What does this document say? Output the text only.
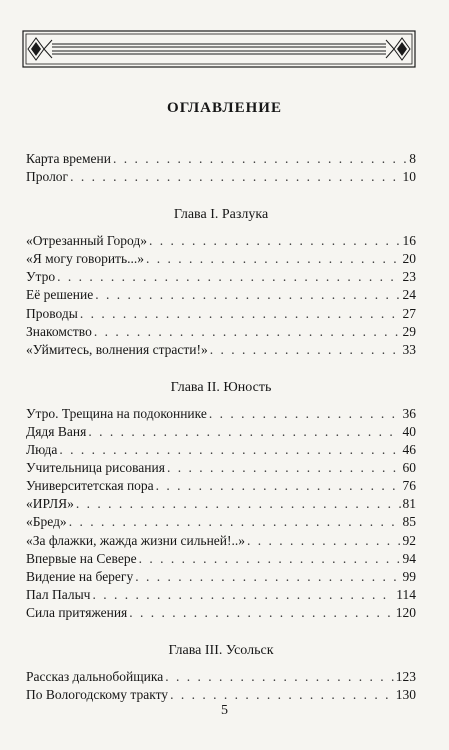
ОГЛАВЛЕНИЕ
Карта времени . . .	8
Пролог . . .	10
Глава I. Разлука
«Отрезанный Город» . . .	16
«Я могу говорить...» . . .	20
Утро . . .	23
Её решение . . .	24
Проводы . . .	27
Знакомство . . .	29
«Уймитесь, волнения страсти!» . . .	33
Глава II. Юность
Утро. Трещина на подоконнике . . .	36
Дядя Ваня . . .	40
Люда . . .	46
Учительница рисования . . .	60
Университетская пора . . .	76
«ИРЛЯ» . . .	81
«Бред» . . .	85
«За флажки, жажда жизни сильней!..» . . .	92
Впервые на Севере . . .	94
Видение на берегу . . .	99
Пал Палыч . . .	114
Сила притяжения . . .	120
Глава III. Усольск
Рассказ дальнобойщика . . .	123
По Вологодскому тракту . . .	130
5
